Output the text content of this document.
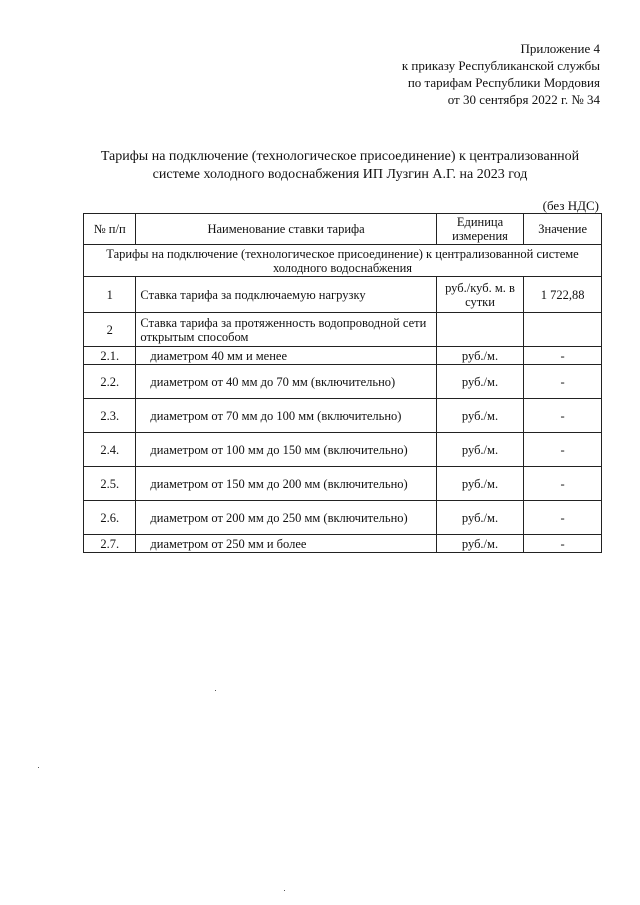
Приложение 4
к приказу Республиканской службы
по тарифам Республики Мордовия
от 30 сентября 2022 г. № 34
Тарифы на подключение (технологическое присоединение) к централизованной
системе холодного водоснабжения ИП Лузгин А.Г. на 2023 год
(без НДС)
№ п/п	Наименование ставки тарифа	Единица измерения	Значение
Тарифы на подключение (технологическое присоединение) к централизованной системе холодного водоснабжения			
1	Ставка тарифа за подключаемую нагрузку	руб./куб. м. в сутки	1 722,88
2	Ставка тарифа за протяженность водопроводной сети открытым способом		
2.1.	диаметром 40 мм и менее	руб./м.	-
2.2.	диаметром от 40 мм до 70 мм (включительно)	руб./м.	-
2.3.	диаметром от 70 мм до 100 мм (включительно)	руб./м.	-
2.4.	диаметром от 100 мм до 150 мм (включительно)	руб./м.	-
2.5.	диаметром от 150 мм до 200 мм (включительно)	руб./м.	-
2.6.	диаметром от 200 мм до 250 мм (включительно)	руб./м.	-
2.7.	диаметром от 250 мм и более	руб./м.	-
